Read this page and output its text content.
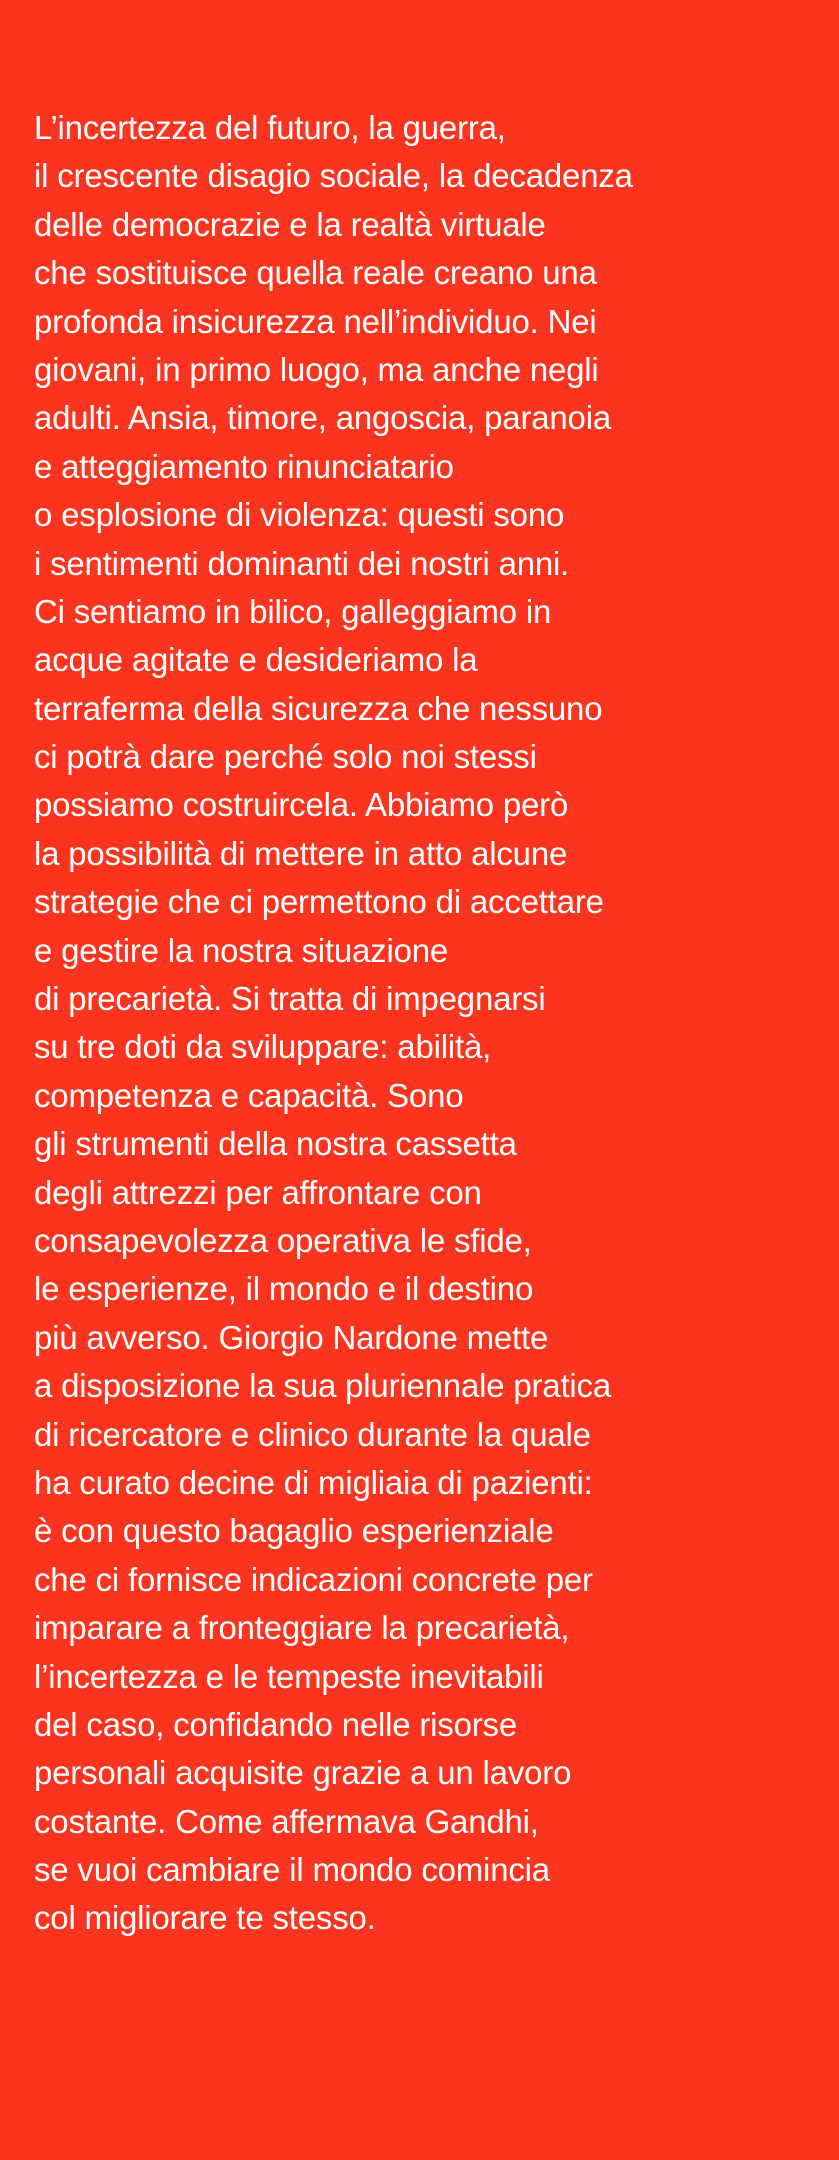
L’incertezza del futuro, la guerra,
il crescente disagio sociale, la decadenza
delle democrazie e la realtà virtuale
che sostituisce quella reale creano una
profonda insicurezza nell’individuo. Nei
giovani, in primo luogo, ma anche negli
adulti. Ansia, timore, angoscia, paranoia
e atteggiamento rinunciatario
o esplosione di violenza: questi sono
i sentimenti dominanti dei nostri anni.
Ci sentiamo in bilico, galleggiamo in
acque agitate e desideriamo la
terraferma della sicurezza che nessuno
ci potrà dare perché solo noi stessi
possiamo costruircela. Abbiamo però
la possibilità di mettere in atto alcune
strategie che ci permettono di accettare
e gestire la nostra situazione
di precarietà. Si tratta di impegnarsi
su tre doti da sviluppare: abilità,
competenza e capacità. Sono
gli strumenti della nostra cassetta
degli attrezzi per affrontare con
consapevolezza operativa le sfide,
le esperienze, il mondo e il destino
più avverso. Giorgio Nardone mette
a disposizione la sua pluriennale pratica
di ricercatore e clinico durante la quale
ha curato decine di migliaia di pazienti:
è con questo bagaglio esperienziale
che ci fornisce indicazioni concrete per
imparare a fronteggiare la precarietà,
l’incertezza e le tempeste inevitabili
del caso, confidando nelle risorse
personali acquisite grazie a un lavoro
costante. Come affermava Gandhi,
se vuoi cambiare il mondo comincia
col migliorare te stesso.
